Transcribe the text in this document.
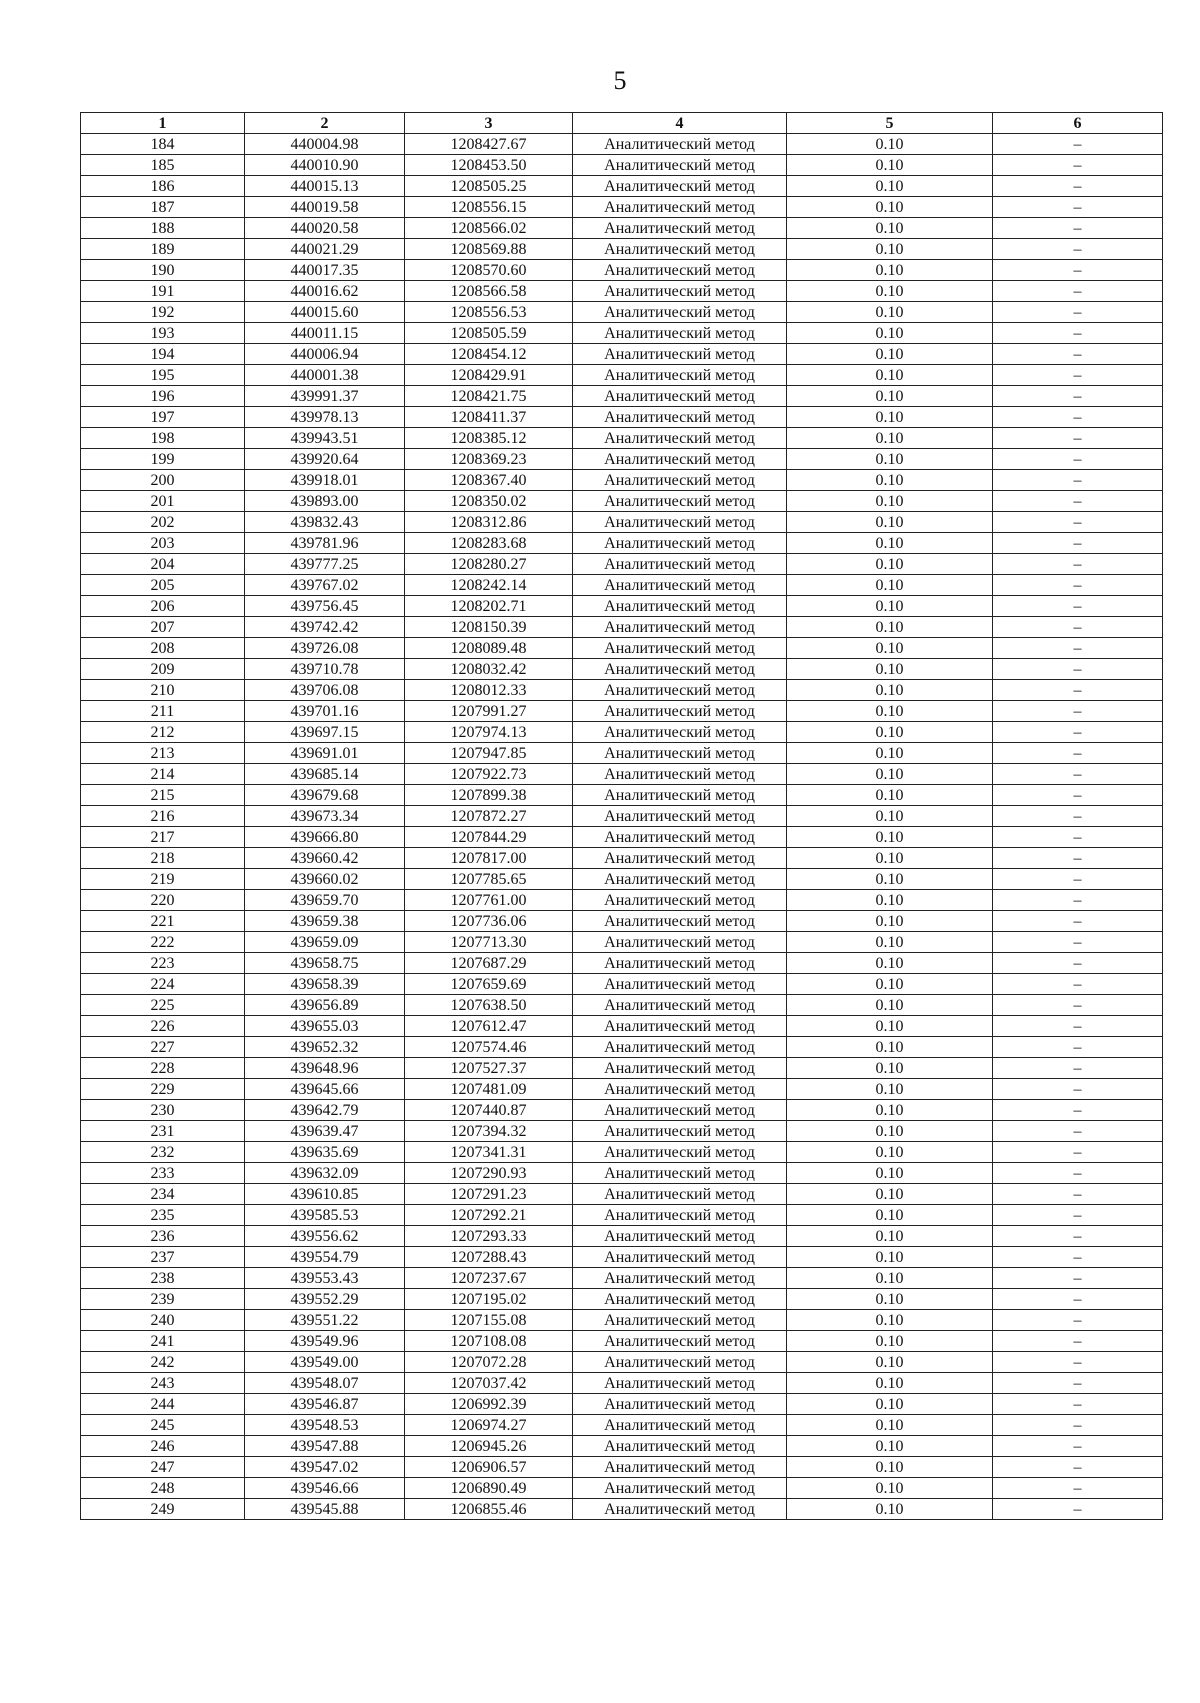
5
1	2	3	4	5	6
184	440004.98	1208427.67	Аналитический метод	0.10	–
185	440010.90	1208453.50	Аналитический метод	0.10	–
186	440015.13	1208505.25	Аналитический метод	0.10	–
187	440019.58	1208556.15	Аналитический метод	0.10	–
188	440020.58	1208566.02	Аналитический метод	0.10	–
189	440021.29	1208569.88	Аналитический метод	0.10	–
190	440017.35	1208570.60	Аналитический метод	0.10	–
191	440016.62	1208566.58	Аналитический метод	0.10	–
192	440015.60	1208556.53	Аналитический метод	0.10	–
193	440011.15	1208505.59	Аналитический метод	0.10	–
194	440006.94	1208454.12	Аналитический метод	0.10	–
195	440001.38	1208429.91	Аналитический метод	0.10	–
196	439991.37	1208421.75	Аналитический метод	0.10	–
197	439978.13	1208411.37	Аналитический метод	0.10	–
198	439943.51	1208385.12	Аналитический метод	0.10	–
199	439920.64	1208369.23	Аналитический метод	0.10	–
200	439918.01	1208367.40	Аналитический метод	0.10	–
201	439893.00	1208350.02	Аналитический метод	0.10	–
202	439832.43	1208312.86	Аналитический метод	0.10	–
203	439781.96	1208283.68	Аналитический метод	0.10	–
204	439777.25	1208280.27	Аналитический метод	0.10	–
205	439767.02	1208242.14	Аналитический метод	0.10	–
206	439756.45	1208202.71	Аналитический метод	0.10	–
207	439742.42	1208150.39	Аналитический метод	0.10	–
208	439726.08	1208089.48	Аналитический метод	0.10	–
209	439710.78	1208032.42	Аналитический метод	0.10	–
210	439706.08	1208012.33	Аналитический метод	0.10	–
211	439701.16	1207991.27	Аналитический метод	0.10	–
212	439697.15	1207974.13	Аналитический метод	0.10	–
213	439691.01	1207947.85	Аналитический метод	0.10	–
214	439685.14	1207922.73	Аналитический метод	0.10	–
215	439679.68	1207899.38	Аналитический метод	0.10	–
216	439673.34	1207872.27	Аналитический метод	0.10	–
217	439666.80	1207844.29	Аналитический метод	0.10	–
218	439660.42	1207817.00	Аналитический метод	0.10	–
219	439660.02	1207785.65	Аналитический метод	0.10	–
220	439659.70	1207761.00	Аналитический метод	0.10	–
221	439659.38	1207736.06	Аналитический метод	0.10	–
222	439659.09	1207713.30	Аналитический метод	0.10	–
223	439658.75	1207687.29	Аналитический метод	0.10	–
224	439658.39	1207659.69	Аналитический метод	0.10	–
225	439656.89	1207638.50	Аналитический метод	0.10	–
226	439655.03	1207612.47	Аналитический метод	0.10	–
227	439652.32	1207574.46	Аналитический метод	0.10	–
228	439648.96	1207527.37	Аналитический метод	0.10	–
229	439645.66	1207481.09	Аналитический метод	0.10	–
230	439642.79	1207440.87	Аналитический метод	0.10	–
231	439639.47	1207394.32	Аналитический метод	0.10	–
232	439635.69	1207341.31	Аналитический метод	0.10	–
233	439632.09	1207290.93	Аналитический метод	0.10	–
234	439610.85	1207291.23	Аналитический метод	0.10	–
235	439585.53	1207292.21	Аналитический метод	0.10	–
236	439556.62	1207293.33	Аналитический метод	0.10	–
237	439554.79	1207288.43	Аналитический метод	0.10	–
238	439553.43	1207237.67	Аналитический метод	0.10	–
239	439552.29	1207195.02	Аналитический метод	0.10	–
240	439551.22	1207155.08	Аналитический метод	0.10	–
241	439549.96	1207108.08	Аналитический метод	0.10	–
242	439549.00	1207072.28	Аналитический метод	0.10	–
243	439548.07	1207037.42	Аналитический метод	0.10	–
244	439546.87	1206992.39	Аналитический метод	0.10	–
245	439548.53	1206974.27	Аналитический метод	0.10	–
246	439547.88	1206945.26	Аналитический метод	0.10	–
247	439547.02	1206906.57	Аналитический метод	0.10	–
248	439546.66	1206890.49	Аналитический метод	0.10	–
249	439545.88	1206855.46	Аналитический метод	0.10	–
